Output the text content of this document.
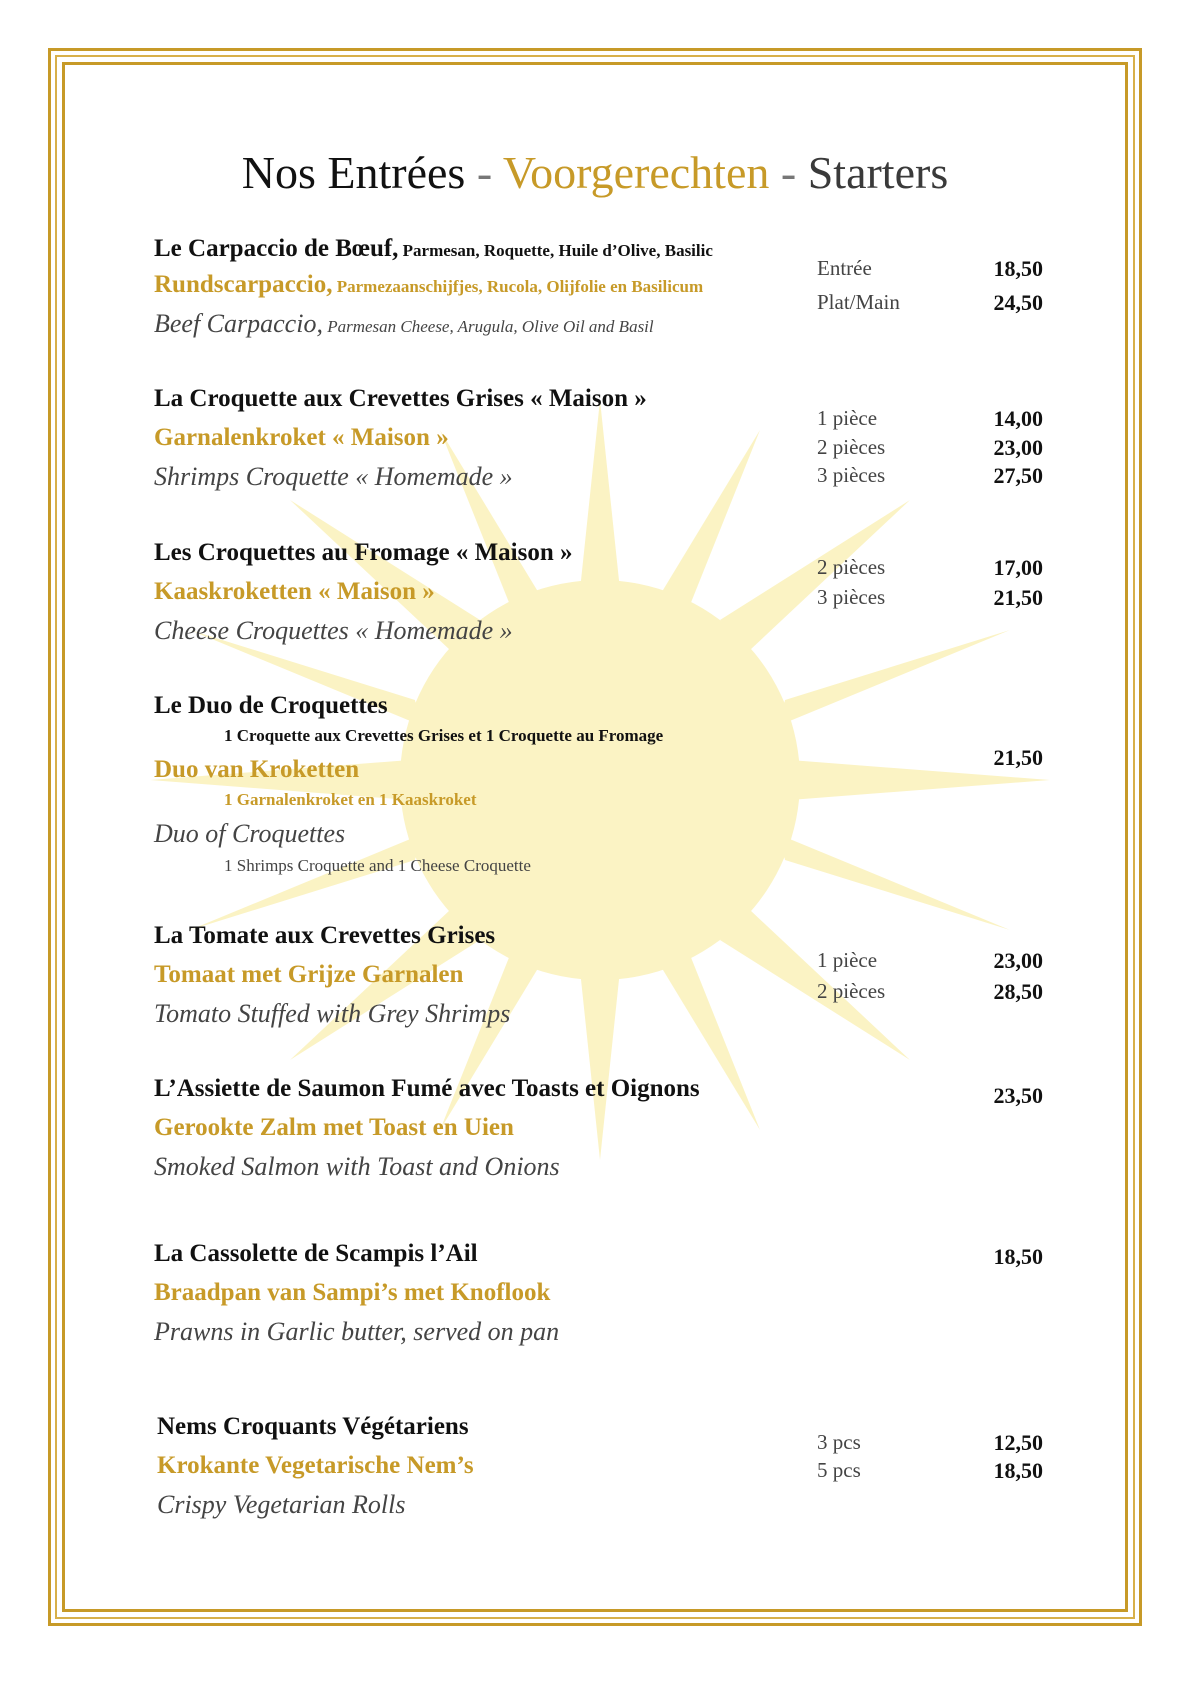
Nos Entrées - Voorgerechten - Starters
Le Carpaccio de Bœuf, Parmesan, Roquette, Huile d’Olive, Basilic
Rundscarpaccio, Parmezaanschijfjes, Rucola, Olijfolie en Basilicum
Beef Carpaccio, Parmesan Cheese, Arugula, Olive Oil and Basil
Entrée	18,50
Plat/Main	24,50
La Croquette aux Crevettes Grises « Maison »
Garnalenkroket « Maison »
Shrimps Croquette « Homemade »
1 pièce	14,00
2 pièces	23,00
3 pièces	27,50
Les Croquettes au Fromage « Maison »
Kaaskroketten « Maison »
Cheese Croquettes « Homemade »
2 pièces	17,00
3 pièces	21,50
Le Duo de Croquettes
1 Croquette aux Crevettes Grises et 1 Croquette au Fromage
Duo van Kroketten
1 Garnalenkroket en 1 Kaaskroket
Duo of Croquettes
1 Shrimps Croquette and 1 Cheese Croquette
21,50
La Tomate aux Crevettes Grises
Tomaat met Grijze Garnalen
Tomato Stuffed with Grey Shrimps
1 pièce	23,00
2 pièces	28,50
L’Assiette de Saumon Fumé avec Toasts et Oignons
Gerookte Zalm met Toast en Uien
Smoked Salmon with Toast and Onions
23,50
La Cassolette de Scampis l’Ail
Braadpan van Sampi’s met Knoflook
Prawns in Garlic butter, served on pan
18,50
Nems Croquants Végétariens
Krokante Vegetarische Nem’s
Crispy Vegetarian Rolls
3 pcs	12,50
5 pcs	18,50
